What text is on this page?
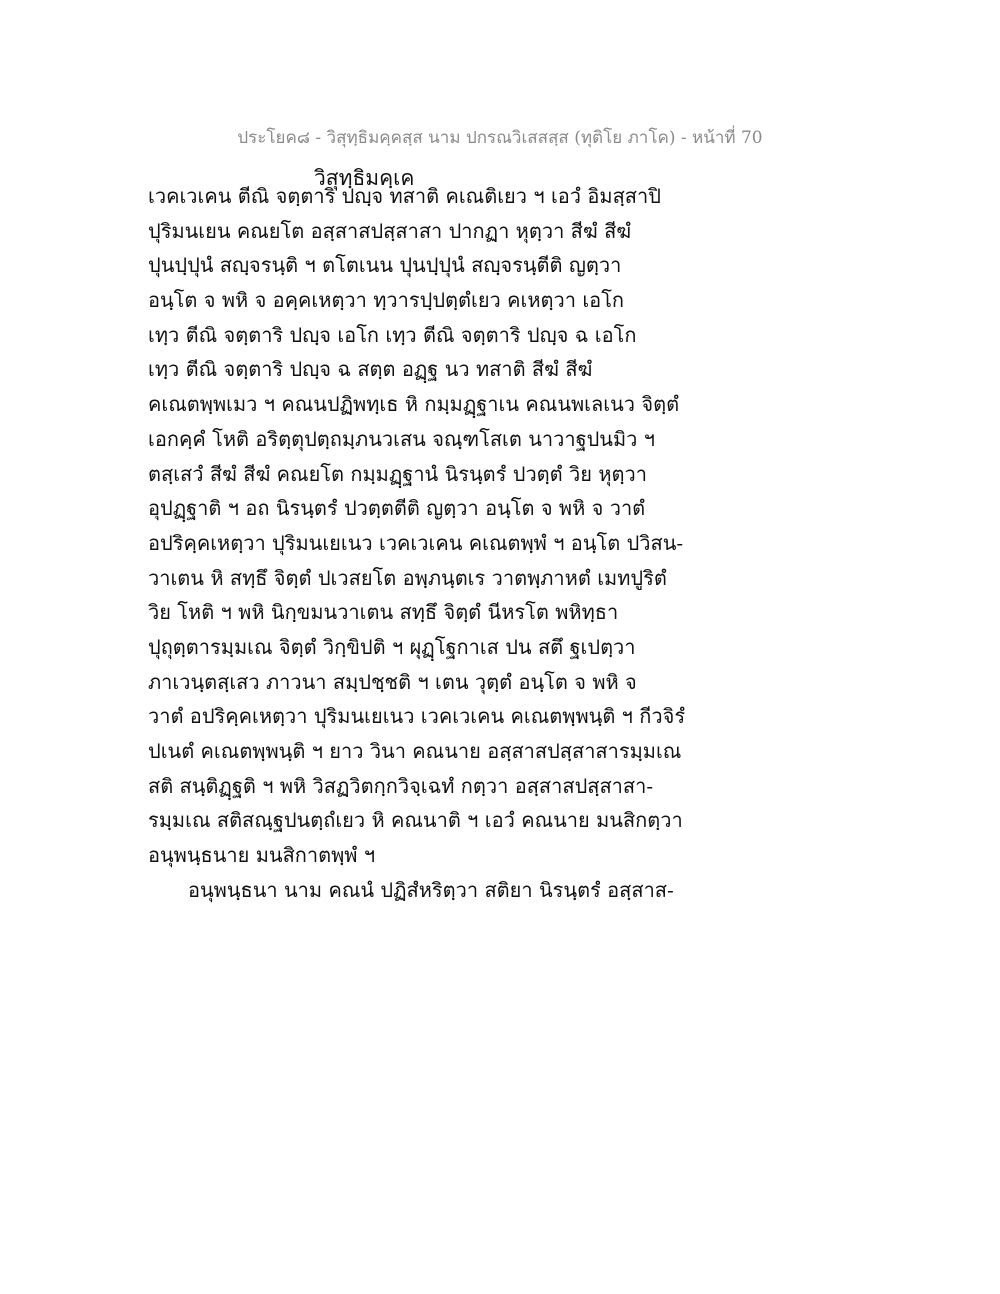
ประโยค๘ - วิสุทฺธิมคฺคสฺส นาม ปกรณวิเสสสฺส (ทุติโย ภาโค) - หน้าที่ 70
วิสุทฺธิมคฺเค
เวคเวเคน ตีณิ จตฺตาริ ปญฺจ ทสาติ คเณติเยว ฯ เอวํ อิมสฺสาปิ
ปุริมนเยน คณยโต อสฺสาสปสฺสาสา ปากฏา หุตฺวา สีฆํ สีฆํ
ปุนปฺปุนํ สญฺจรนฺติ ฯ ตโตเนน ปุนปฺปุนํ สญฺจรนฺตีติ ญตฺวา
อนฺโต จ พหิ จ อคฺคเหตฺวา ทฺวารปฺปตฺตํเยว คเหตฺวา เอโก
เทฺว ตีณิ จตฺตาริ ปญฺจ เอโก เทฺว ตีณิ จตฺตาริ ปญฺจ ฉ เอโก
เทฺว ตีณิ จตฺตาริ ปญฺจ ฉ สตฺต อฏฺฐ นว ทสาติ สีฆํ สีฆํ
คเณตพฺพเมว ฯ คณนปฏิพทฺเธ หิ กมฺมฏฺฐาเน คณนพเลเนว จิตฺตํ
เอกคฺคํ โหติ อริตฺตุปตฺถมฺภนวเสน จณฺฑโสเต นาวาฐปนมิว ฯ
ตสฺเสวํ สีฆํ สีฆํ คณยโต กมฺมฏฺฐานํ นิรนฺตรํ ปวตฺตํ วิย หุตฺวา
อุปฏฺฐาติ ฯ อถ นิรนฺตรํ ปวตฺตตีติ ญตฺวา อนฺโต จ พหิ จ วาตํ
อปริคฺคเหตฺวา ปุริมนเยเนว เวคเวเคน คเณตพฺพํ ฯ อนฺโต ปวิสน-
วาเตน หิ สทฺธึ จิตฺตํ ปเวสยโต อพฺภนฺตเร วาตพฺภาหตํ เมทปูริตํ
วิย โหติ ฯ พหิ นิกฺขมนวาเตน สทฺธึ จิตฺตํ นีหรโต พหิทฺธา
ปุถุตฺตารมฺมเณ จิตฺตํ วิกฺขิปติ ฯ ผุฏฺโฐกาเส ปน สตึ ฐเปตฺวา
ภาเวนฺตสฺเสว ภาวนา สมฺปชฺชติ ฯ เตน วุตฺตํ อนฺโต จ พหิ จ
วาตํ อปริคฺคเหตฺวา ปุริมนเยเนว เวคเวเคน คเณตพฺพนฺติ ฯ กีวจิรํ
ปเนตํ คเณตพฺพนฺติ ฯ ยาว วินา คณนาย อสฺสาสปสฺสาสารมฺมเณ
สติ สนฺติฏฺฐติ ฯ พหิ วิสฏวิตกฺกวิจฺเฉทํ กตฺวา อสฺสาสปสฺสาสา-
รมฺมเณ สติสณฺฐปนตฺถํเยว หิ คณนาติ ฯ เอวํ คณนาย มนสิกตฺวา
อนุพนฺธนาย มนสิกาตพฺพํ ฯ
อนุพนฺธนา นาม คณนํ ปฏิสํหริตฺวา สติยา นิรนฺตรํ อสฺสาส-
